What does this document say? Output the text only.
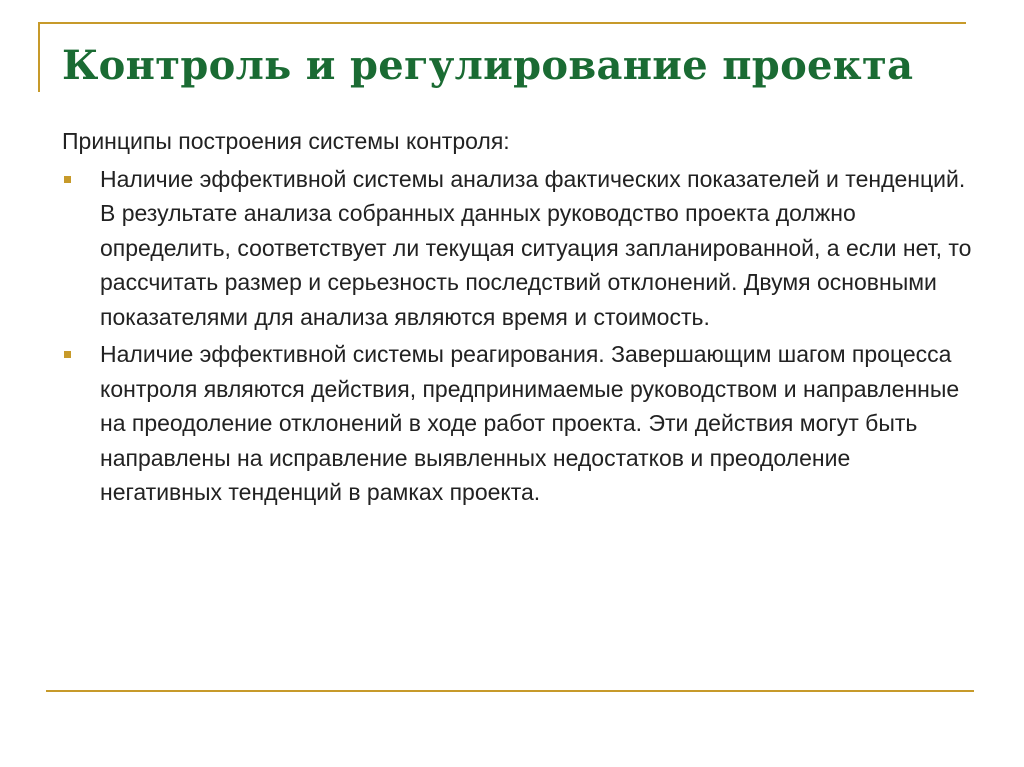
Контроль и регулирование проекта

Принципы построения системы контроля:

Наличие эффективной системы анализа фактических показателей и тенденций. В результате анализа собранных данных руководство проекта должно определить, соответствует ли текущая ситуация запланированной, а если нет, то рассчитать размер и серьезность последствий отклонений. Двумя основными показателями для анализа являются время и стоимость.
Наличие эффективной системы реагирования. Завершающим шагом процесса контроля являются действия, предпринимаемые руководством и направленные на преодоление отклонений в ходе работ проекта. Эти действия могут быть направлены на исправление выявленных недостатков и преодоление негативных тенденций в рамках проекта.
